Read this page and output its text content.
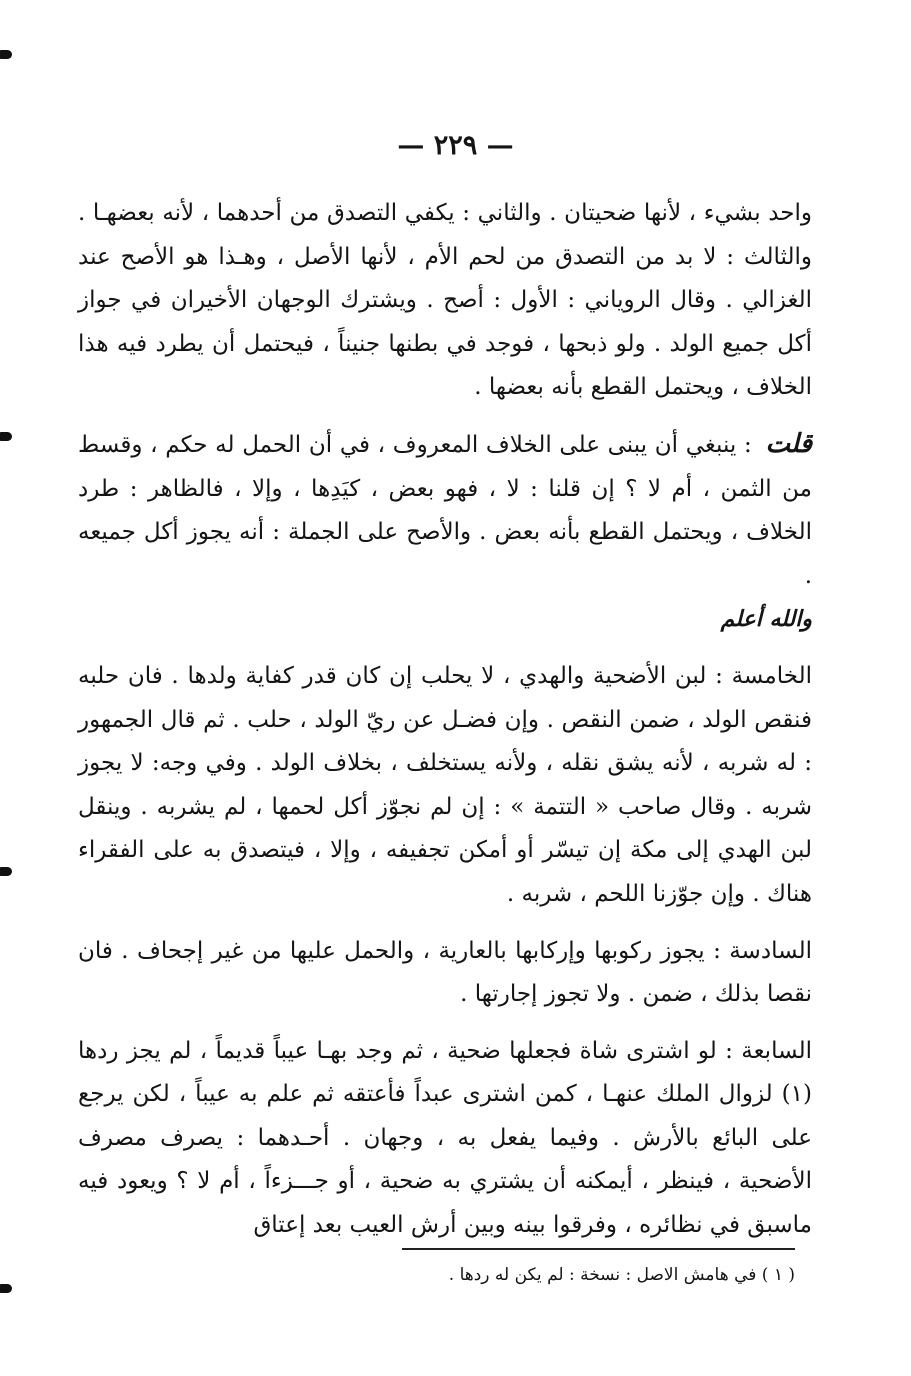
— ٢٢٩ —

واحد بشيء ، لأنها ضحيتان . والثاني : يكفي التصدق من أحدهما ، لأنه بعضهـا . والثالث : لا بد من التصدق من لحم الأم ، لأنها الأصل ، وهـذا هو الأصح عند الغزالي . وقال الروياني : الأول : أصح . ويشترك الوجهان الأخيران في جواز أكل جميع الولد . ولو ذبحها ، فوجد في بطنها جنيناً ، فيحتمل أن يطرد فيه هذا الخلاف ، ويحتمل القطع بأنه بعضها .

قلت : ينبغي أن يبنى على الخلاف المعروف ، في أن الحمل له حكم ، وقسط من الثمن ، أم لا ؟ إن قلنا : لا ، فهو بعض ، كيَدِها ، وإلا ، فالظاهر : طرد الخلاف ، ويحتمل القطع بأنه بعض . والأصح على الجملة : أنه يجوز أكل جميعه .
والله أعلم

الخامسة : لبن الأضحية والهدي ، لا يحلب إن كان قدر كفاية ولدها . فان حلبه فنقص الولد ، ضمن النقص . وإن فضـل عن ريّ الولد ، حلب . ثم قال الجمهور : له شربه ، لأنه يشق نقله ، ولأنه يستخلف ، بخلاف الولد . وفي وجه: لا يجوز شربه . وقال صاحب « التتمة » : إن لم نجوّز أكل لحمها ، لم يشربه . وينقل لبن الهدي إلى مكة إن تيسّر أو أمكن تجفيفه ، وإلا ، فيتصدق به على الفقراء هناك . وإن جوّزنا اللحم ، شربه .

السادسة : يجوز ركوبها وإركابها بالعارية ، والحمل عليها من غير إجحاف . فان نقصا بذلك ، ضمن . ولا تجوز إجارتها .

السابعة : لو اشترى شاة فجعلها ضحية ، ثم وجد بهـا عيباً قديماً ، لم يجز ردها (١) لزوال الملك عنهـا ، كمن اشترى عبداً فأعتقه ثم علم به عيباً ، لكن يرجع على البائع بالأرش . وفيما يفعل به ، وجهان . أحـدهما : يصرف مصرف الأضحية ، فينظر ، أيمكنه أن يشتري به ضحية ، أو جـــزءاً ، أم لا ؟ ويعود فيه ماسبق في نظائره ، وفرقوا بينه وبين أرش العيب بعد إعتاق

( ١ ) في هامش الاصل : نسخة : لم يكن له ردها .
